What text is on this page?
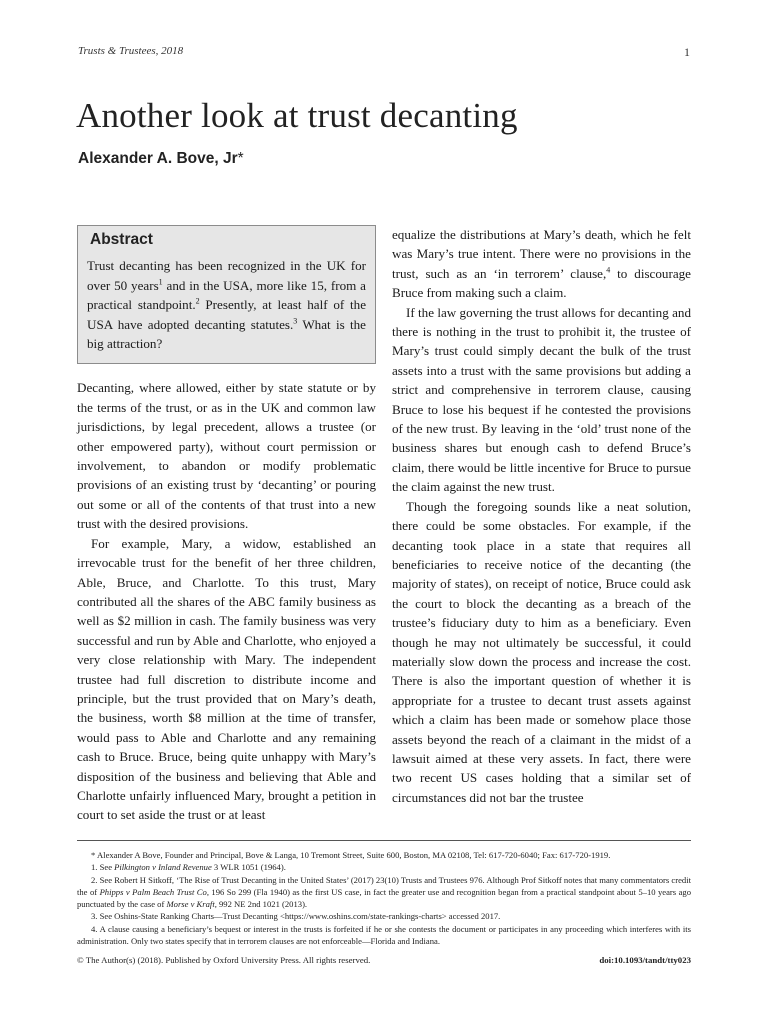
Trusts & Trustees, 2018	1
Another look at trust decanting
Alexander A. Bove, Jr*
Abstract
Trust decanting has been recognized in the UK for over 50 years$^1$ and in the USA, more like 15, from a practical standpoint.$^2$ Presently, at least half of the USA have adopted decanting statutes.$^3$ What is the big attraction?

Decanting, where allowed, either by state statute or by the terms of the trust, or as in the UK and common law jurisdictions, by legal precedent, allows a trustee (or other empowered party), without court permission or involvement, to abandon or modify problematic provisions of an existing trust by ‘decanting’ or pouring out some or all of the contents of that trust into a new trust with the desired provisions.

For example, Mary, a widow, established an irrevocable trust for the benefit of her three children, Able, Bruce, and Charlotte. To this trust, Mary contributed all the shares of the ABC family business as well as $2 million in cash. The family business was very successful and run by Able and Charlotte, who enjoyed a very close relationship with Mary. The independent trustee had full discretion to distribute income and principle, but the trust provided that on Mary’s death, the business, worth $8 million at the time of transfer, would pass to Able and Charlotte and any remaining cash to Bruce. Bruce, being quite unhappy with Mary’s disposition of the business and believing that Able and Charlotte unfairly influenced Mary, brought a petition in court to set aside the trust or at least

equalize the distributions at Mary’s death, which he felt was Mary’s true intent. There were no provisions in the trust, such as an ‘in terrorem’ clause,$^4$ to discourage Bruce from making such a claim.

If the law governing the trust allows for decanting and there is nothing in the trust to prohibit it, the trustee of Mary’s trust could simply decant the bulk of the trust assets into a trust with the same provisions but adding a strict and comprehensive in terrorem clause, causing Bruce to lose his bequest if he contested the provisions of the new trust. By leaving in the ‘old’ trust none of the business shares but enough cash to defend Bruce’s claim, there would be little incentive for Bruce to pursue the claim against the new trust.

Though the foregoing sounds like a neat solution, there could be some obstacles. For example, if the decanting took place in a state that requires all beneficiaries to receive notice of the decanting (the majority of states), on receipt of notice, Bruce could ask the court to block the decanting as a breach of the trustee’s fiduciary duty to him as a beneficiary. Even though he may not ultimately be successful, it could materially slow down the process and increase the cost. There is also the important question of whether it is appropriate for a trustee to decant trust assets against which a claim has been made or somehow place those assets beyond the reach of a claimant in the midst of a lawsuit aimed at these very assets. In fact, there were two recent US cases holding that a similar set of circumstances did not bar the trustee

* Alexander A Bove, Founder and Principal, Bove & Langa, 10 Tremont Street, Suite 600, Boston, MA 02108, Tel: 617-720-6040; Fax: 617-720-1919.

1. See Pilkington v Inland Revenue 3 WLR 1051 (1964).

2. See Robert H Sitkoff, ‘The Rise of Trust Decanting in the United States’ (2017) 23(10) Trusts and Trustees 976. Although Prof Sitkoff notes that many commentators credit the of Phipps v Palm Beach Trust Co, 196 So 299 (Fla 1940) as the first US case, in fact the greater use and recognition began from a practical standpoint about 5–10 years ago punctuated by the case of Morse v Kraft, 992 NE 2nd 1021 (2013).

3. See Oshins-State Ranking Charts—Trust Decanting <https://www.oshins.com/state-rankings-charts> accessed 2017.

4. A clause causing a beneficiary’s bequest or interest in the trusts is forfeited if he or she contests the document or participates in any proceeding which interferes with its administration. Only two states specify that in terrorem clauses are not enforceable—Florida and Indiana.

© The Author(s) (2018). Published by Oxford University Press. All rights reserved.	doi:10.1093/tandt/tty023
